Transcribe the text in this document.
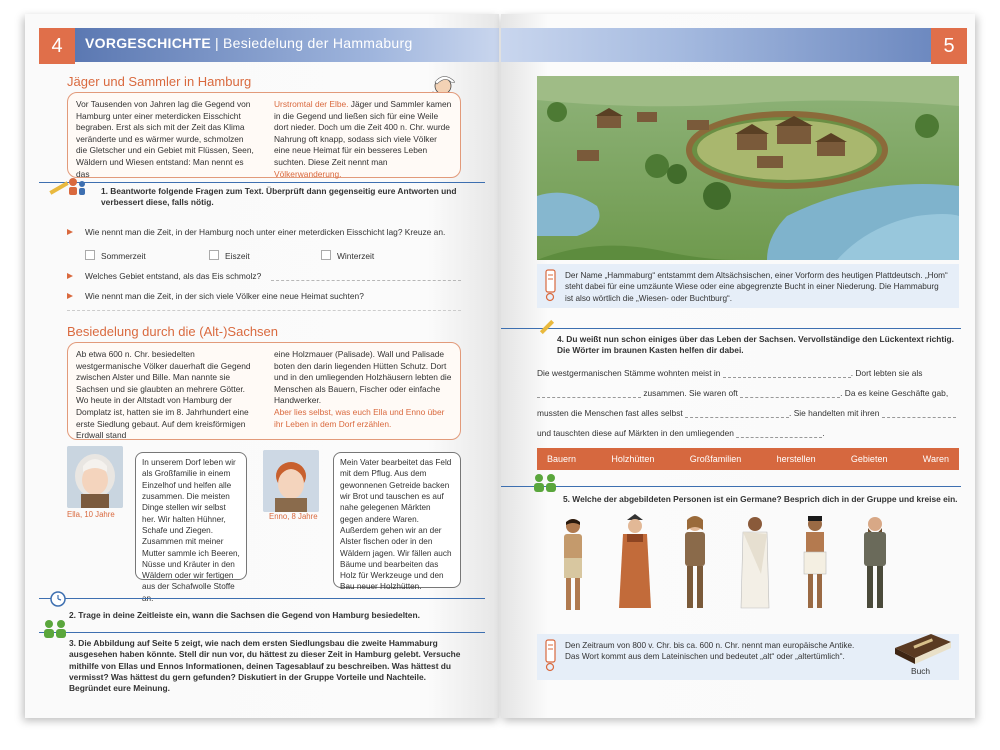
4	VORGESCHICHTE | Besiedelung der Hammaburg
Jäger und Sammler in Hamburg
Vor Tausenden von Jahren lag die Gegend von Hamburg unter einer meterdicken Eisschicht begraben. Erst als sich mit der Zeit das Klima veränderte und es wärmer wurde, schmolzen die Gletscher und ein Gebiet mit Flüssen, Seen, Wäldern und Wiesen entstand: Man nennt es das
Urstromtal der Elbe. Jäger und Sammler kamen in die Gegend und ließen sich für eine Weile dort nieder. Doch um die Zeit 400 n. Chr. wurde Nahrung oft knapp, sodass sich viele Völker eine neue Heimat für ein besseres Leben suchten. Diese Zeit nennt man Völkerwanderung.
1. Beantworte folgende Fragen zum Text. Überprüft dann gegenseitig eure Antworten und verbessert diese, falls nötig.
Wie nennt man die Zeit, in der Hamburg noch unter einer meterdicken Eisschicht lag? Kreuze an.
Sommerzeit	Eiszeit	Winterzeit
Welches Gebiet entstand, als das Eis schmolz?
Wie nennt man die Zeit, in der sich viele Völker eine neue Heimat suchten?
Besiedelung durch die (Alt-)Sachsen
Ab etwa 600 n. Chr. besiedelten westgermanische Völker dauerhaft die Gegend zwischen Alster und Bille. Man nannte sie Sachsen und sie glaubten an mehrere Götter. Wo heute in der Altstadt von Hamburg der Domplatz ist, hatten sie im 8. Jahrhundert eine erste Siedlung gebaut. Auf dem kreisförmigen Erdwall stand
eine Holzmauer (Palisade). Wall und Palisade boten den darin liegenden Hütten Schutz. Dort und in den umliegenden Holzhäusern lebten die Menschen als Bauern, Fischer oder einfache Handwerker.
Aber lies selbst, was euch Ella und Enno über ihr Leben in dem Dorf erzählen.
Ella, 10 Jahre
In unserem Dorf leben wir als Großfamilie in einem Einzelhof und helfen alle zusammen. Die meisten Dinge stellen wir selbst her. Wir halten Hühner, Schafe und Ziegen. Zusammen mit meiner Mutter sammle ich Beeren, Nüsse und Kräuter in den Wäldern oder wir fertigen aus der Schafwolle Stoffe an.
Enno, 8 Jahre
Mein Vater bearbeitet das Feld mit dem Pflug. Aus dem gewonnenen Getreide backen wir Brot und tauschen es auf nahe gelegenen Märkten gegen andere Waren. Außerdem gehen wir an der Alster fischen oder in den Wäldern jagen. Wir fällen auch Bäume und bearbeiten das Holz für Werkzeuge und den Bau neuer Holzhütten.
2. Trage in deine Zeitleiste ein, wann die Sachsen die Gegend von Hamburg besiedelten.
3. Die Abbildung auf Seite 5 zeigt, wie nach dem ersten Siedlungsbau die zweite Hammaburg ausgesehen haben könnte. Stell dir nun vor, du hättest zu dieser Zeit in Hamburg gelebt. Versuche mithilfe von Ellas und Ennos Informationen, deinen Tagesablauf zu beschreiben. Was hättest du vermisst? Was hättest du gern gefunden? Diskutiert in der Gruppe Vorteile und Nachteile. Begründet eure Meinung.
5
Der Name „Hammaburg“ entstammt dem Altsächsischen, einer Vorform des heutigen Plattdeutsch. „Hom“ steht dabei für eine umzäunte Wiese oder eine abgegrenzte Bucht in einer Niederung. Die Hammaburg ist also wörtlich die „Wiesen- oder Buchtburg“.
4. Du weißt nun schon einiges über das Leben der Sachsen. Vervollständige den Lückentext richtig. Die Wörter im braunen Kasten helfen dir dabei.
Die westgermanischen Stämme wohnten meist in	. Dort lebten sie als
zusammen. Sie waren oft	. Da es keine Geschäfte gab,
mussten die Menschen fast alles selbst	. Sie handelten mit ihren
und tauschten diese auf Märkten in den umliegenden	.
Bauern	Holzhütten	Großfamilien	herstellen	Gebieten	Waren
5. Welche der abgebildeten Personen ist ein Germane? Besprich dich in der Gruppe und kreise ein.
Den Zeitraum von 800 v. Chr. bis ca. 600 n. Chr. nennt man europäische Antike. Das Wort kommt aus dem Lateinischen und bedeutet „alt“ oder „altertümlich“.
Buch
